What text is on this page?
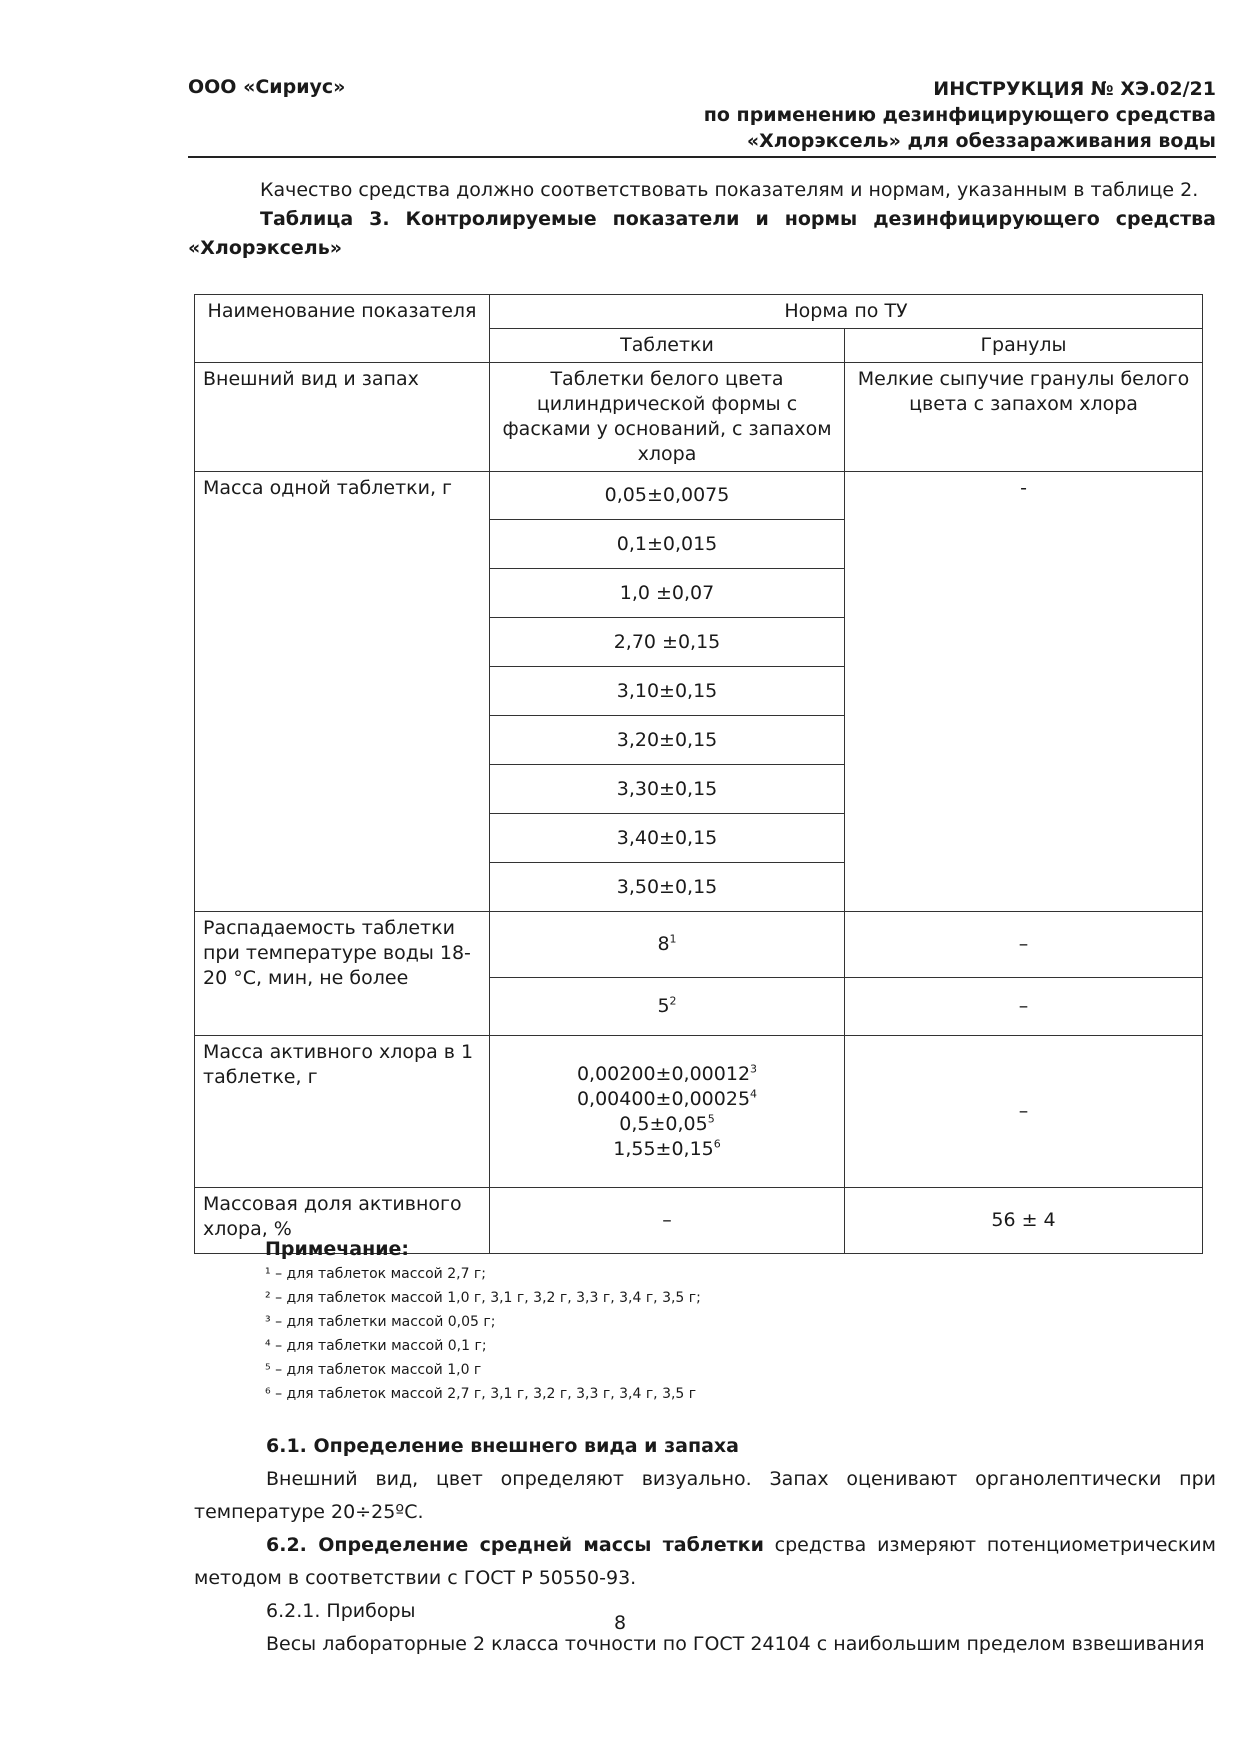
ООО «Сириус»	ИНСТРУКЦИЯ № ХЭ.02/21
по применению дезинфицирующего средства
«Хлорэксель» для обеззараживания воды
Качество средства должно соответствовать показателям и нормам, указанным в таблице 2.
Таблица 3. Контролируемые показатели и нормы дезинфицирующего средства «Хлорэксель»
Наименование показателя	Норма по ТУ	
	Таблетки	Гранулы
Внешний вид и запах	Таблетки белого цвета цилиндрической формы с фасками у оснований, с запахом хлора	Мелкие сыпучие гранулы белого цвета с запахом хлора
Масса одной таблетки, г	0,05±0,0075	-
	0,1±0,015	
	1,0 ±0,07	
	2,70 ±0,15	
	3,10±0,15	
	3,20±0,15	
	3,30±0,15	
	3,40±0,15	
	3,50±0,15	
Распадаемость таблетки при температуре воды 18-20 °С, мин, не более	$8^1$	–
	$5^2$	–
Масса активного хлора в 1 таблетке, г	$0,00200\pm 0,00012^3$
$0,00400\pm 0,00025^4$
$0,5\pm 0,05^5$
$1,55\pm 0,15^6$	–
Массовая доля активного хлора, %	–	56 ± 4
Примечание:
¹ – для таблеток массой 2,7 г;
² – для таблеток массой 1,0 г, 3,1 г, 3,2 г, 3,3 г, 3,4 г, 3,5 г;
³ – для таблетки массой 0,05 г;
⁴ – для таблетки массой 0,1 г;
⁵ – для таблеток массой 1,0 г
⁶ – для таблеток массой 2,7 г, 3,1 г, 3,2 г, 3,3 г, 3,4 г, 3,5 г

6.1. Определение внешнего вида и запаха

Внешний вид, цвет определяют визуально. Запах оценивают органолептически при температуре 20÷25ºС.

6.2. Определение средней массы таблетки средства измеряют потенциометрическим методом в соответствии с ГОСТ Р 50550-93.

6.2.1. Приборы

Весы лабораторные 2 класса точности по ГОСТ 24104 с наибольшим пределом взвешивания

8
